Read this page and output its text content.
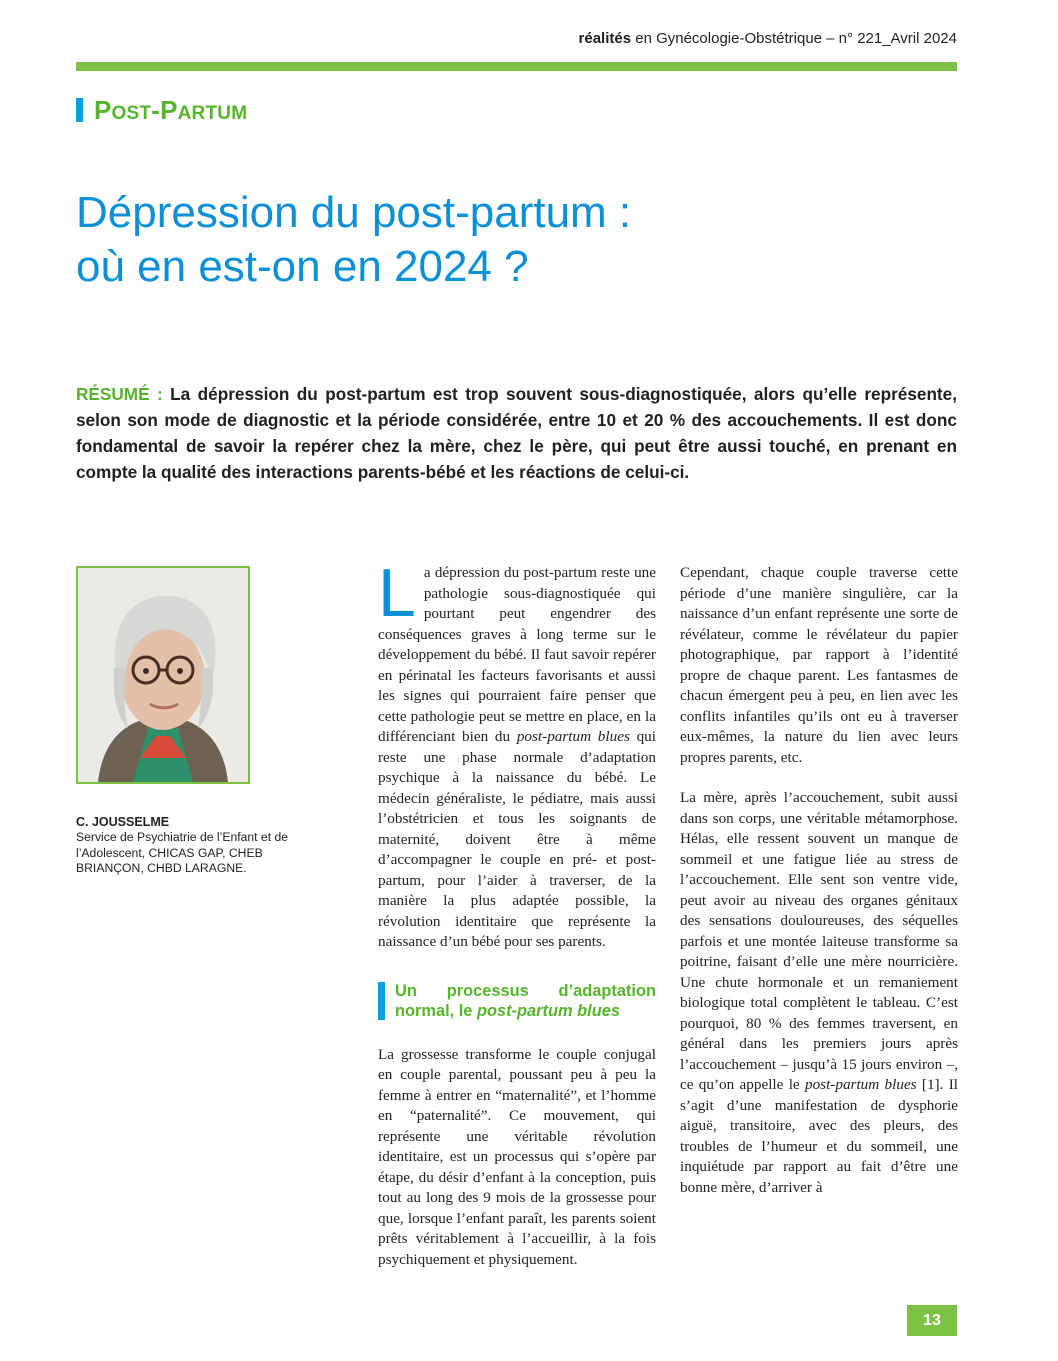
réalités en Gynécologie-Obstétrique – n° 221_Avril 2024
POST-PARTUM
Dépression du post-partum :
où en est-on en 2024 ?

RÉSUMÉ : La dépression du post-partum est trop souvent sous-diagnostiquée, alors qu’elle représente, selon son mode de diagnostic et la période considérée, entre 10 et 20 % des accouchements. Il est donc fondamental de savoir la repérer chez la mère, chez le père, qui peut être aussi touché, en prenant en compte la qualité des interactions parents-bébé et les réactions de celui-ci.

C. JOUSSELME
Service de Psychiatrie de l’Enfant et de l’Adolescent, CHICAS GAP, CHEB BRIANÇON, CHBD LARAGNE.

La dépression du post-partum reste une pathologie sous-diagnostiquée qui pourtant peut engendrer des conséquences graves à long terme sur le développement du bébé. Il faut savoir repérer en périnatal les facteurs favorisants et aussi les signes qui pourraient faire penser que cette pathologie peut se mettre en place, en la différenciant bien du post-partum blues qui reste une phase normale d’adaptation psychique à la naissance du bébé. Le médecin généraliste, le pédiatre, mais aussi l’obstétricien et tous les soignants de maternité, doivent être à même d’accompagner le couple en pré- et post-partum, pour l’aider à traverser, de la manière la plus adaptée possible, la révolution identitaire que représente la naissance d’un bébé pour ses parents.

Un processus d’adaptation normal, le post-partum blues

La grossesse transforme le couple conjugal en couple parental, poussant peu à peu la femme à entrer en “maternalité”, et l’homme en “paternalité”. Ce mouvement, qui représente une véritable révolution identitaire, est un processus qui s’opère par étape, du désir d’enfant à la conception, puis tout au long des 9 mois de la grossesse pour que, lorsque l’enfant paraît, les parents soient prêts véritablement à l’accueillir, à la fois psychiquement et physiquement.

Cependant, chaque couple traverse cette période d’une manière singulière, car la naissance d’un enfant représente une sorte de révélateur, comme le révélateur du papier photographique, par rapport à l’identité propre de chaque parent. Les fantasmes de chacun émergent peu à peu, en lien avec les conflits infantiles qu’ils ont eu à traverser eux-mêmes, la nature du lien avec leurs propres parents, etc.

La mère, après l’accouchement, subit aussi dans son corps, une véritable métamorphose. Hélas, elle ressent souvent un manque de sommeil et une fatigue liée au stress de l’accouchement. Elle sent son ventre vide, peut avoir au niveau des organes génitaux des sensations douloureuses, des séquelles parfois et une montée laiteuse transforme sa poitrine, faisant d’elle une mère nourricière. Une chute hormonale et un remaniement biologique total complètent le tableau. C’est pourquoi, 80 % des femmes traversent, en général dans les premiers jours après l’accouchement – jusqu’à 15 jours environ –, ce qu’on appelle le post-partum blues [1]. Il s’agit d’une manifestation de dysphorie aiguë, transitoire, avec des pleurs, des troubles de l’humeur et du sommeil, une inquiétude par rapport au fait d’être une bonne mère, d’arriver à

13
